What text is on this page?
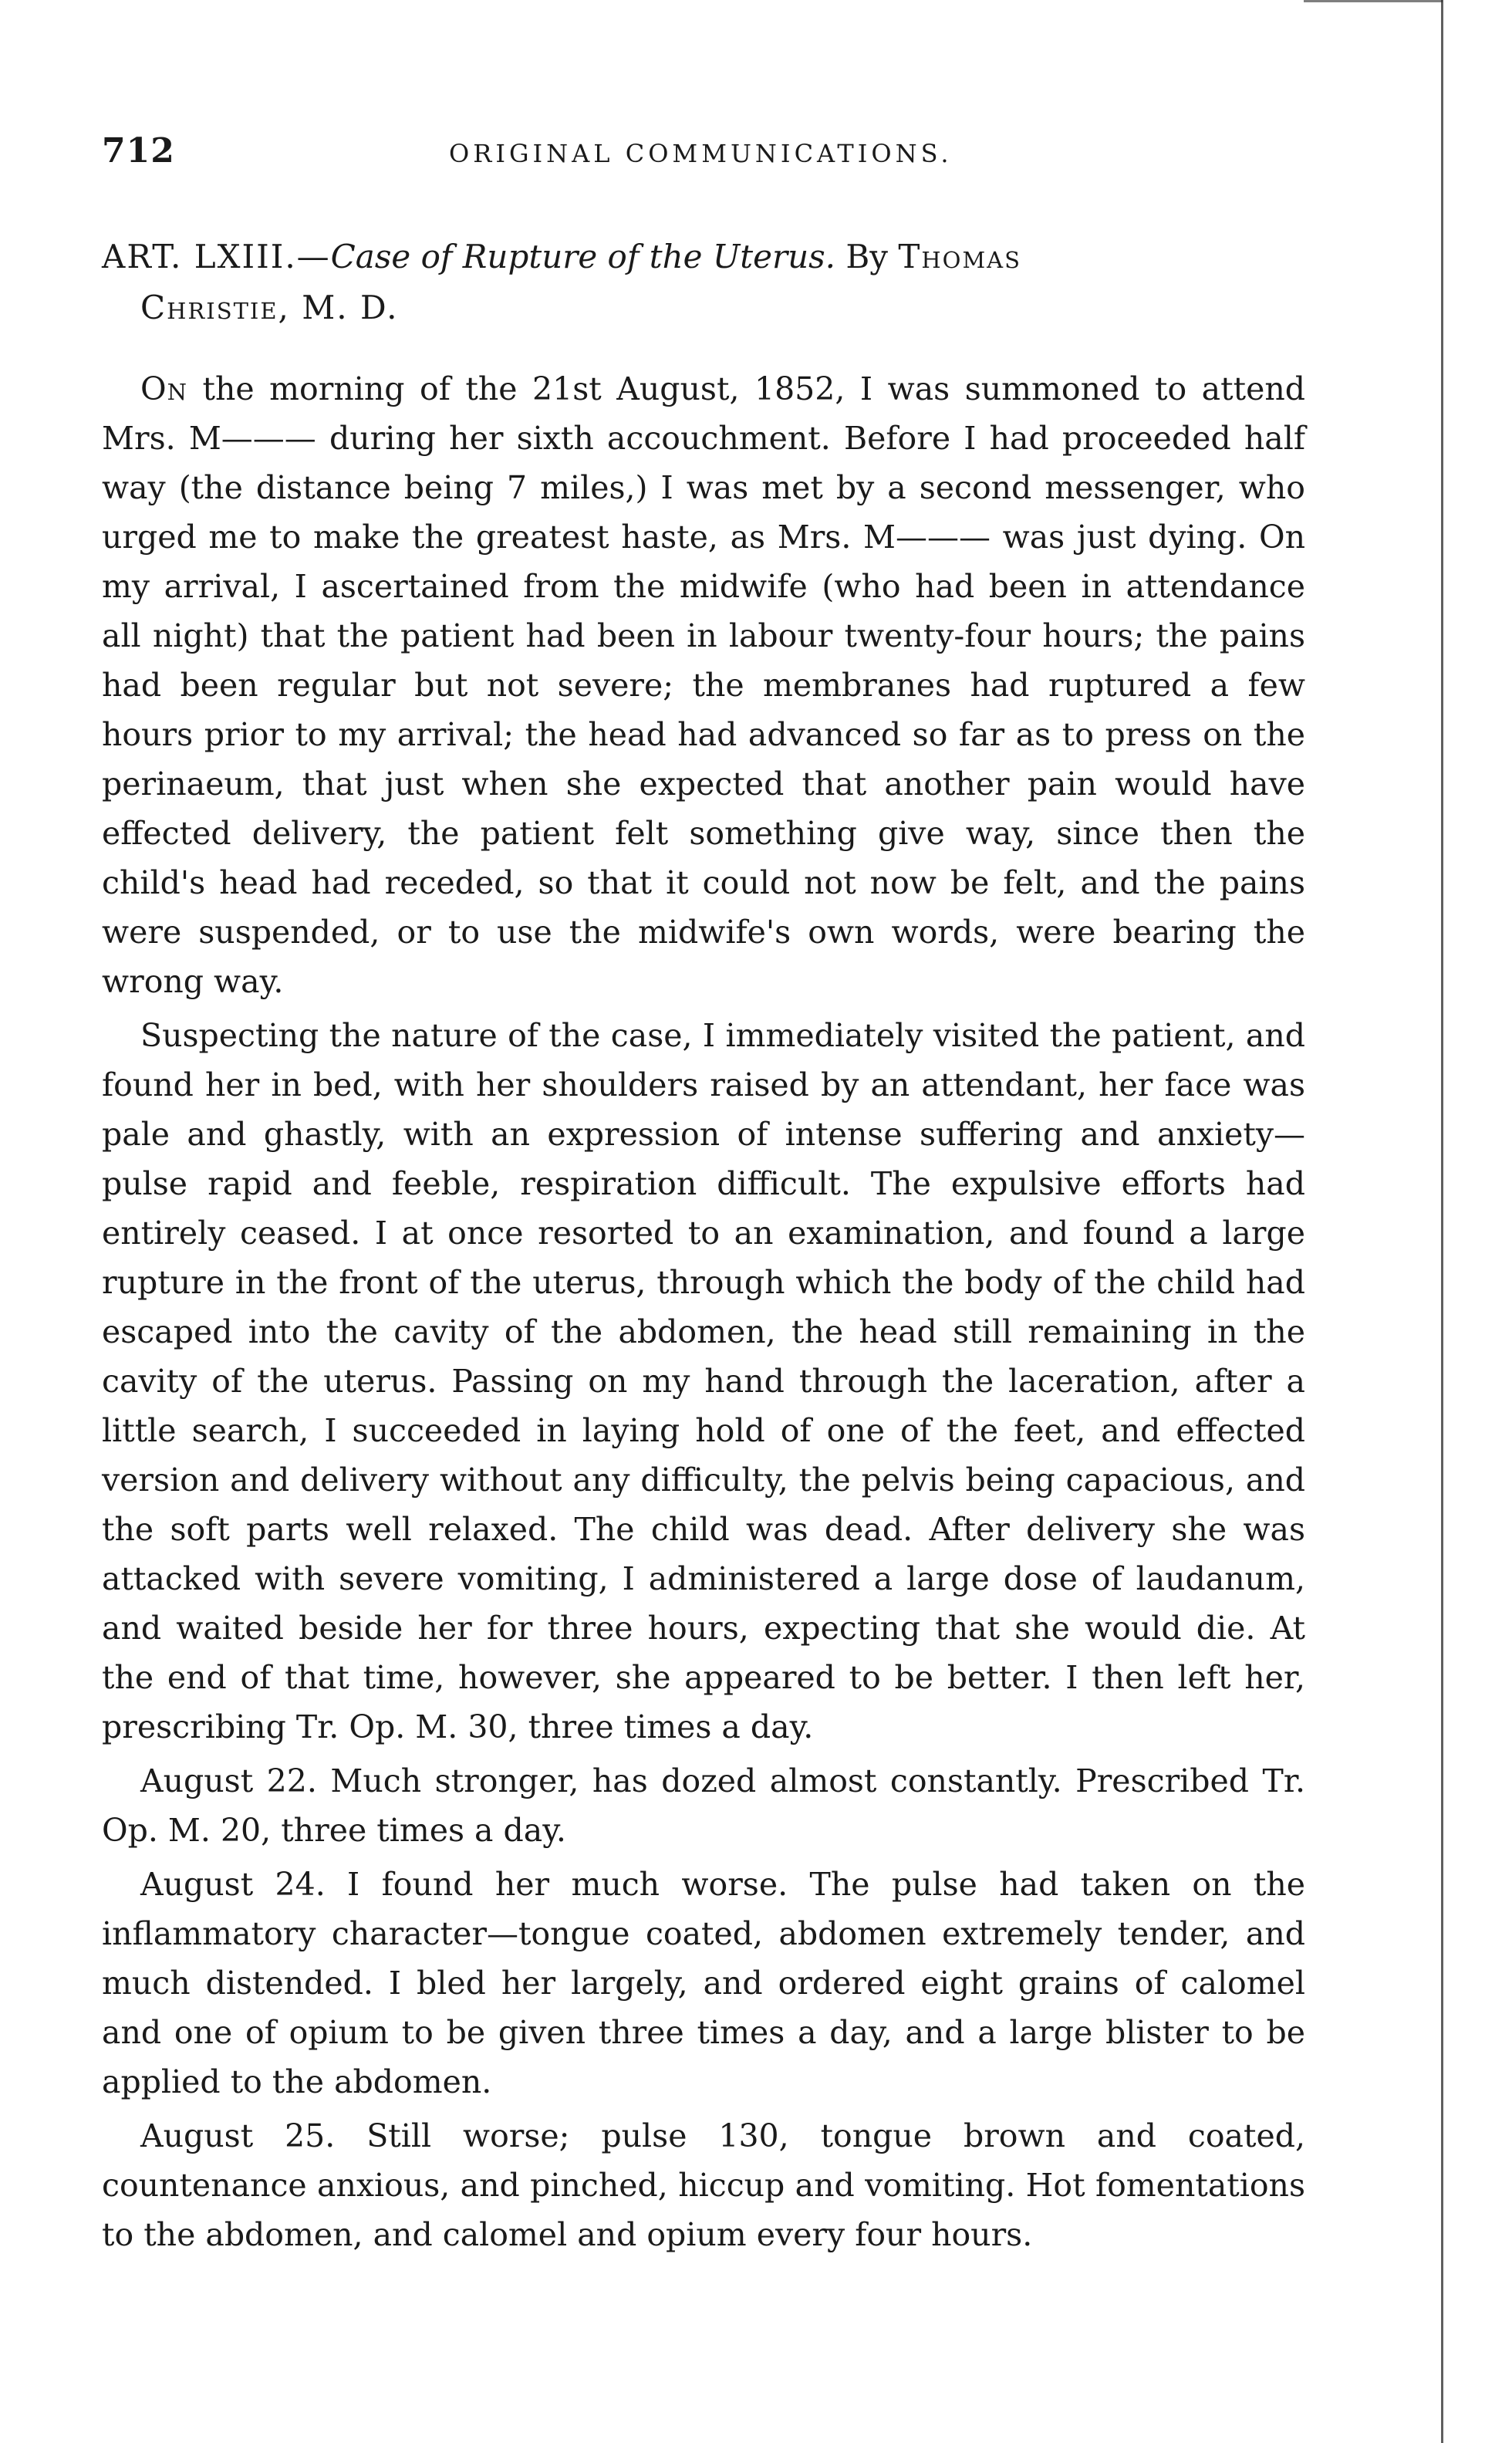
712	ORIGINAL COMMUNICATIONS.
ART. LXIII.—Case of Rupture of the Uterus. By Thomas
Christie, M. D.

On the morning of the 21st August, 1852, I was summoned to attend Mrs. M——— during her sixth accouchment. Before I had proceeded half way (the distance being 7 miles,) I was met by a second messenger, who urged me to make the greatest haste, as Mrs. M——— was just dying. On my arrival, I ascertained from the midwife (who had been in attendance all night) that the patient had been in labour twenty-four hours; the pains had been regular but not severe; the membranes had ruptured a few hours prior to my arrival; the head had advanced so far as to press on the perinaeum, that just when she expected that another pain would have effected delivery, the patient felt something give way, since then the child's head had receded, so that it could not now be felt, and the pains were suspended, or to use the midwife's own words, were bearing the wrong way.

Suspecting the nature of the case, I immediately visited the patient, and found her in bed, with her shoulders raised by an attendant, her face was pale and ghastly, with an expression of intense suffering and anxiety—pulse rapid and feeble, respiration difficult. The expulsive efforts had entirely ceased. I at once resorted to an examination, and found a large rupture in the front of the uterus, through which the body of the child had escaped into the cavity of the abdomen, the head still remaining in the cavity of the uterus. Passing on my hand through the laceration, after a little search, I succeeded in laying hold of one of the feet, and effected version and delivery without any difficulty, the pelvis being capacious, and the soft parts well relaxed. The child was dead. After delivery she was attacked with severe vomiting, I administered a large dose of laudanum, and waited beside her for three hours, expecting that she would die. At the end of that time, however, she appeared to be better. I then left her, prescribing Tr. Op. M. 30, three times a day.

August 22. Much stronger, has dozed almost constantly. Prescribed Tr. Op. M. 20, three times a day.

August 24. I found her much worse. The pulse had taken on the inflammatory character—tongue coated, abdomen extremely tender, and much distended. I bled her largely, and ordered eight grains of calomel and one of opium to be given three times a day, and a large blister to be applied to the abdomen.

August 25. Still worse; pulse 130, tongue brown and coated, countenance anxious, and pinched, hiccup and vomiting. Hot fomentations to the abdomen, and calomel and opium every four hours.
